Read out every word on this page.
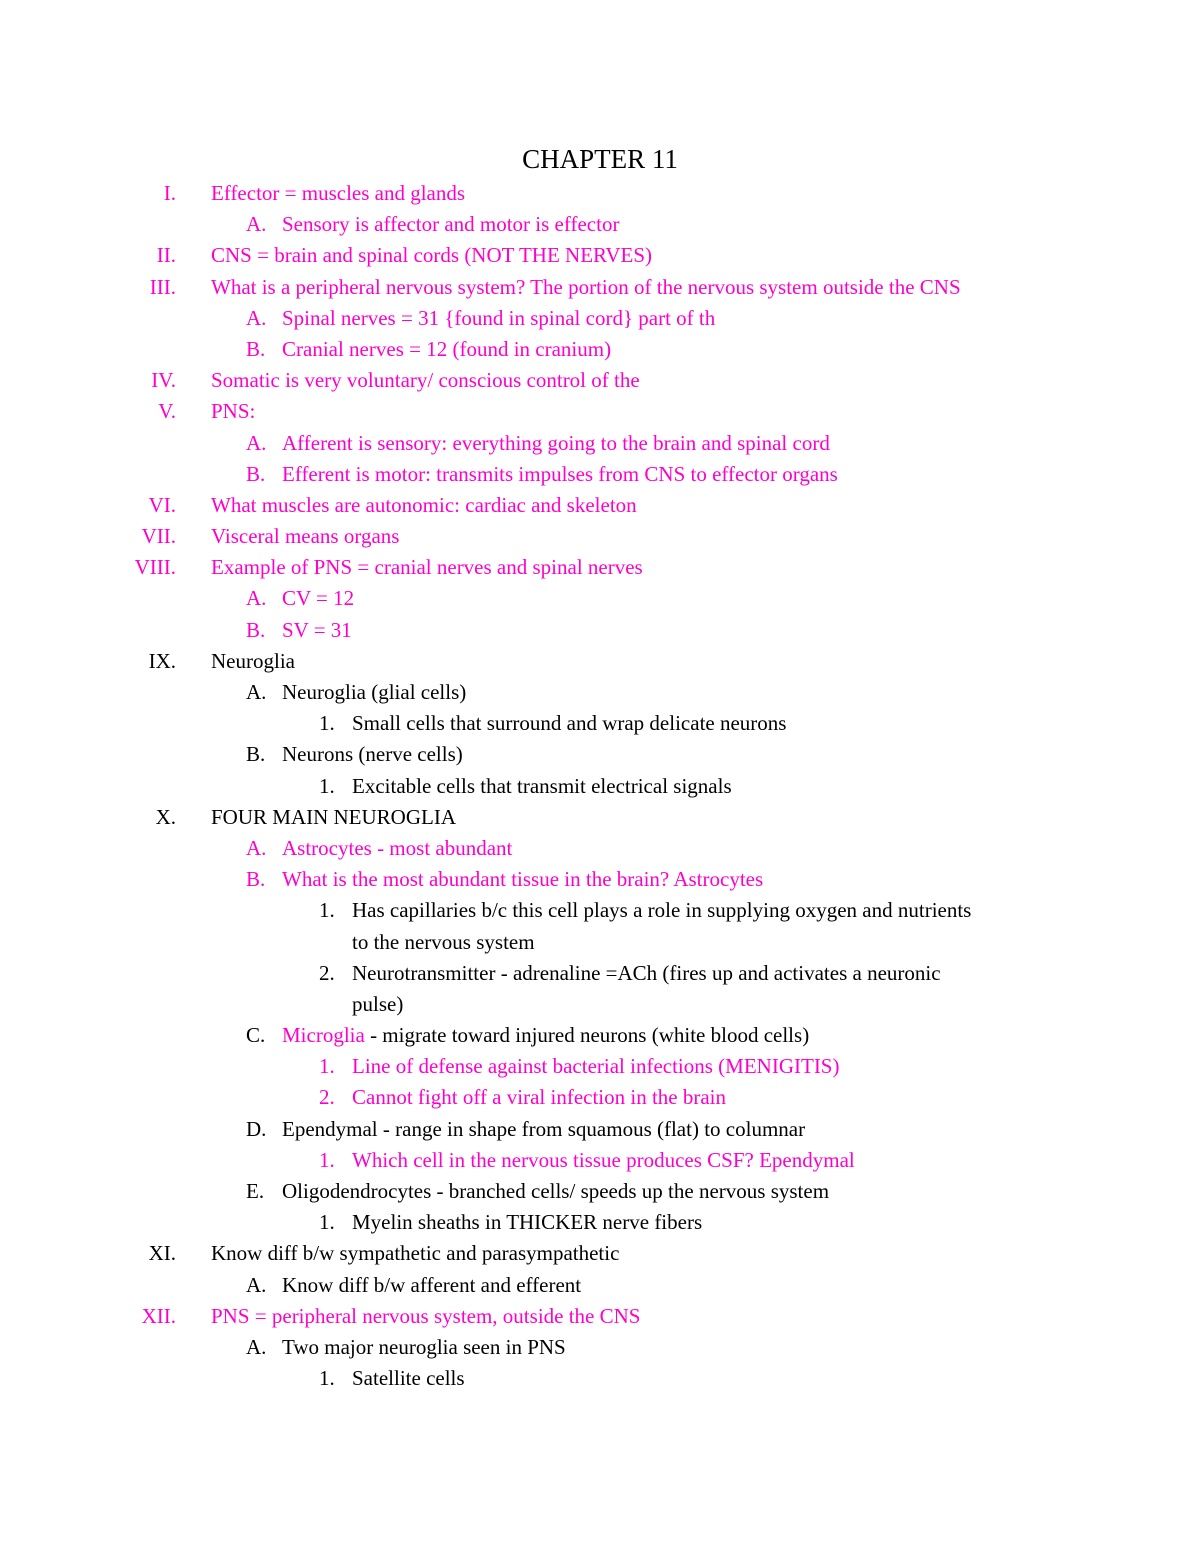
CHAPTER 11
I. Effector = muscles and glands
A. Sensory is affector and motor is effector
II. CNS = brain and spinal cords (NOT THE NERVES)
III. What is a peripheral nervous system? The portion of the nervous system outside the CNS
A. Spinal nerves = 31 {found in spinal cord} part of th
B. Cranial nerves = 12 (found in cranium)
IV. Somatic is very voluntary/ conscious control of the
V. PNS:
A. Afferent is sensory: everything going to the brain and spinal cord
B. Efferent is motor: transmits impulses from CNS to effector organs
VI. What muscles are autonomic: cardiac and skeleton
VII. Visceral means organs
VIII. Example of PNS = cranial nerves and spinal nerves
A. CV = 12
B. SV = 31
IX. Neuroglia
A. Neuroglia (glial cells)
1. Small cells that surround and wrap delicate neurons
B. Neurons (nerve cells)
1. Excitable cells that transmit electrical signals
X. FOUR MAIN NEUROGLIA
A. Astrocytes - most abundant
B. What is the most abundant tissue in the brain? Astrocytes
1. Has capillaries b/c this cell plays a role in supplying oxygen and nutrients
to the nervous system
2. Neurotransmitter - adrenaline =ACh (fires up and activates a neuronic
pulse)
C. Microglia - migrate toward injured neurons (white blood cells)
1. Line of defense against bacterial infections (MENIGITIS)
2. Cannot fight off a viral infection in the brain
D. Ependymal - range in shape from squamous (flat) to columnar
1. Which cell in the nervous tissue produces CSF? Ependymal
E. Oligodendrocytes - branched cells/ speeds up the nervous system
1. Myelin sheaths in THICKER nerve fibers
XI. Know diff b/w sympathetic and parasympathetic
A. Know diff b/w afferent and efferent
XII. PNS = peripheral nervous system, outside the CNS
A. Two major neuroglia seen in PNS
1. Satellite cells
